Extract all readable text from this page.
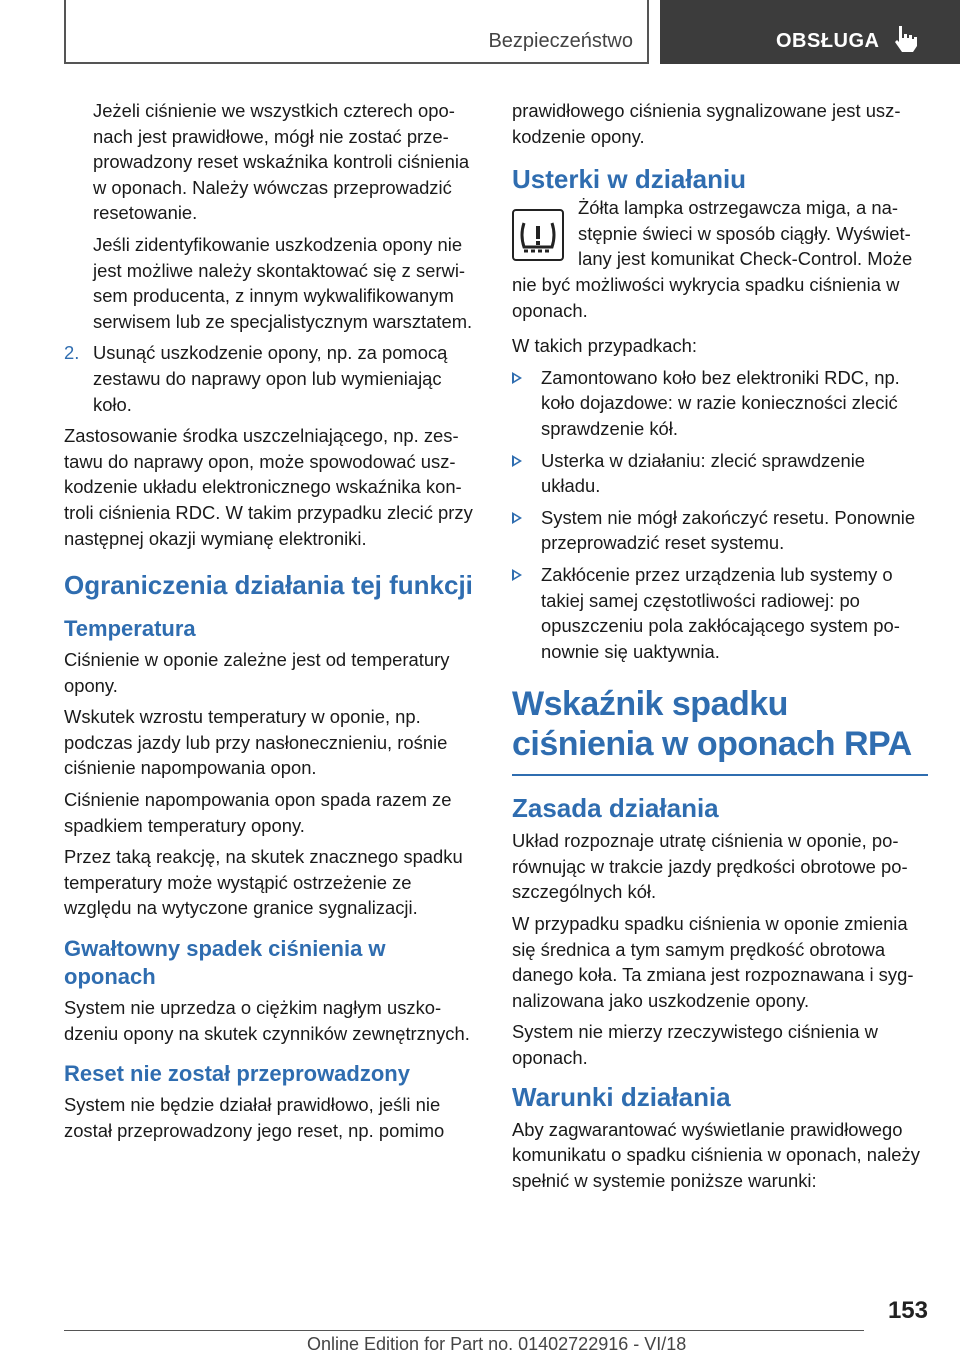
Bezpieczeństwo	OBSŁUGA

Jeżeli ciśnienie we wszystkich czterech oponach jest prawidłowe, mógł nie zostać przeprowadzony reset wskaźnika kontroli ciśnienia w oponach. Należy wówczas przeprowadzić resetowanie.

Jeśli zidentyfikowanie uszkodzenia opony nie jest możliwe należy skontaktować się z serwisem producenta, z innym wykwalifikowanym serwisem lub ze specjalistycznym warsztatem.

2. Usunąć uszkodzenie opony, np. za pomocą zestawu do naprawy opon lub wymieniając koło.

Zastosowanie środka uszczelniającego, np. zestawu do naprawy opon, może spowodować uszkodzenie układu elektronicznego wskaźnika kontroli ciśnienia RDC. W takim przypadku zlecić przy następnej okazji wymianę elektroniki.

Ograniczenia działania tej funkcji
Temperatura

Ciśnienie w oponie zależne jest od temperatury opony.

Wskutek wzrostu temperatury w oponie, np. podczas jazdy lub przy nasłonecznieniu, rośnie ciśnienie napompowania opon.

Ciśnienie napompowania opon spada razem ze spadkiem temperatury opony.

Przez taką reakcję, na skutek znacznego spadku temperatury może wystąpić ostrzeżenie ze względu na wytyczone granice sygnalizacji.

Gwałtowny spadek ciśnienia w oponach

System nie uprzedza o ciężkim nagłym uszkodzeniu opony na skutek czynników zewnętrznych.

Reset nie został przeprowadzony

System nie będzie działał prawidłowo, jeśli nie został przeprowadzony jego reset, np. pomimo

prawidłowego ciśnienia sygnalizowane jest uszkodzenie opony.

Usterki w działaniu

Żółta lampka ostrzegawcza miga, a następnie świeci w sposób ciągły. Wyświetlany jest komunikat Check-Control. Może nie być możliwości wykrycia spadku ciśnienia w oponach.

W takich przypadkach:

Zamontowano koło bez elektroniki RDC, np. koło dojazdowe: w razie konieczności zlecić sprawdzenie kół.
Usterka w działaniu: zlecić sprawdzenie układu.
System nie mógł zakończyć resetu. Ponownie przeprowadzić reset systemu.
Zakłócenie przez urządzenia lub systemy o takiej samej częstotliwości radiowej: po opuszczeniu pola zakłócającego system ponownie się uaktywnia.
Wskaźnik spadku ciśnienia w oponach RPA
Zasada działania

Układ rozpoznaje utratę ciśnienia w oponie, porównując w trakcie jazdy prędkości obrotowe poszczególnych kół.

W przypadku spadku ciśnienia w oponie zmienia się średnica a tym samym prędkość obrotowa danego koła. Ta zmiana jest rozpoznawana i sygnalizowana jako uszkodzenie opony.

System nie mierzy rzeczywistego ciśnienia w oponach.

Warunki działania

Aby zagwarantować wyświetlanie prawidłowego komunikatu o spadku ciśnienia w oponach, należy spełnić w systemie poniższe warunki:

153
Online Edition for Part no. 01402722916 - VI/18
